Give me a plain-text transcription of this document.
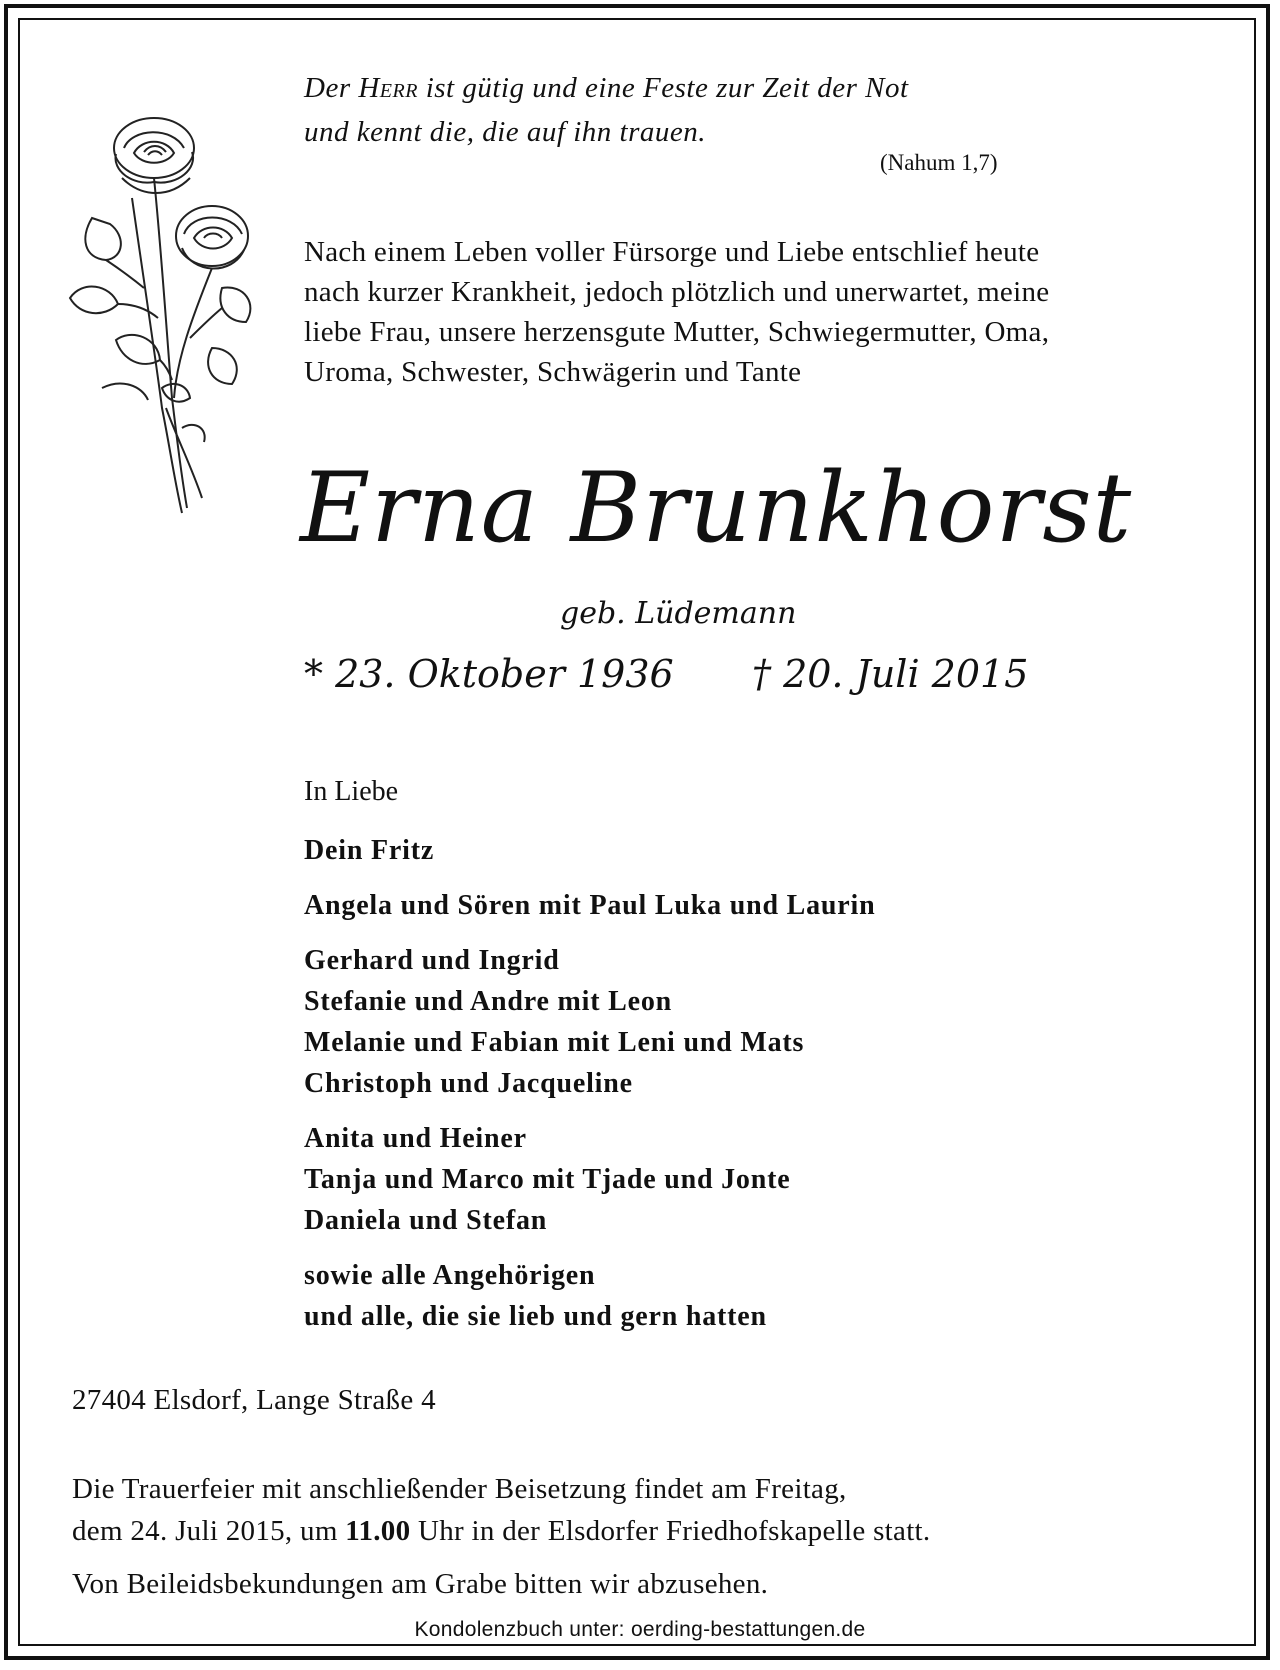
Der Herr ist gütig und eine Feste zur Zeit der Not
und kennt die, die auf ihn trauen.
(Nahum 1,7)
Nach einem Leben voller Fürsorge und Liebe entschlief heute
nach kurzer Krankheit, jedoch plötzlich und unerwartet, meine
liebe Frau, unsere herzensgute Mutter, Schwiegermutter, Oma,
Uroma, Schwester, Schwägerin und Tante
Erna Brunkhorst
geb. Lüdemann
* 23. Oktober 1936 † 20. Juli 2015
In Liebe
Dein Fritz
Angela und Sören mit Paul Luka und Laurin
Gerhard und Ingrid
Stefanie und Andre mit Leon
Melanie und Fabian mit Leni und Mats
Christoph und Jacqueline
Anita und Heiner
Tanja und Marco mit Tjade und Jonte
Daniela und Stefan
sowie alle Angehörigen
und alle, die sie lieb und gern hatten
27404 Elsdorf, Lange Straße 4
Die Trauerfeier mit anschließender Beisetzung findet am Freitag,
dem 24. Juli 2015, um 11.00 Uhr in der Elsdorfer Friedhofskapelle statt.
Von Beileidsbekundungen am Grabe bitten wir abzusehen.
Kondolenzbuch unter: oerding-bestattungen.de
